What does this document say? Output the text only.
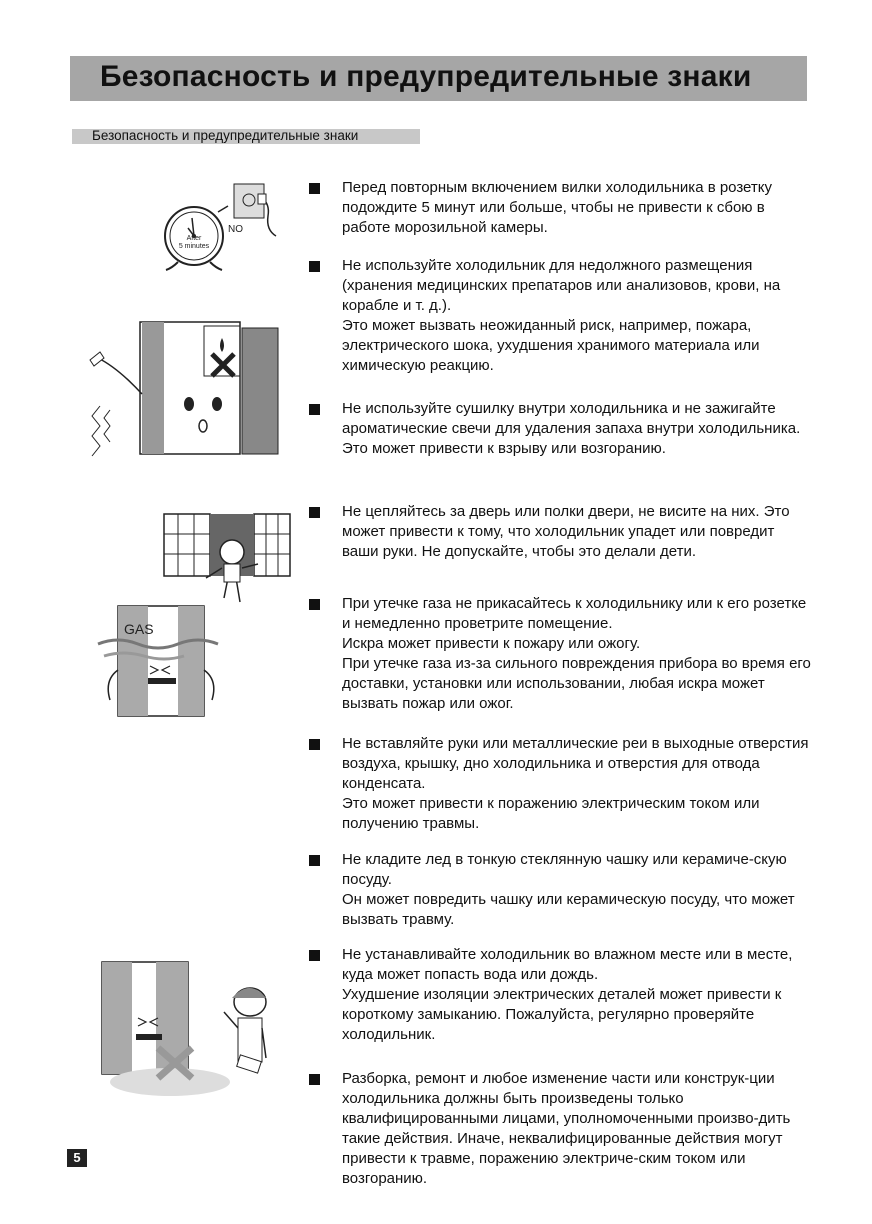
Безопасность и предупредительные знаки
Безопасность и предупредительные знаки
After
5 minutes
NO
GAS

Перед повторным включением вилки холодильника в розетку подождите 5 минут или больше, чтобы не привести к сбою в работе морозильной камеры.

Не используйте холодильник для недолжного размещения (хранения медицинских препатаров или анализовов, крови, на корабле и т. д.).

Это может вызвать неожиданный риск, например, пожара, электрического шока, ухудшения хранимого материала или химическую реакцию.

Не используйте сушилку внутри холодильника и не зажигайте ароматические свечи для удаления запаха внутри холодильника. Это может привести к взрыву или возгоранию.

Не цепляйтесь за дверь или полки двери, не висите на них. Это может привести к тому, что холодильник упадет или повредит ваши руки. Не допускайте, чтобы это делали дети.

При утечке газа не прикасайтесь к холодильнику или к его розетке и немедленно проветрите помещение.

Искра может привести к пожару или ожогу.

При утечке газа из-за сильного повреждения прибора во время его доставки, установки или использовании, любая искра может вызвать пожар или ожог.

Не вставляйте руки или металлические реи в выходные отверстия воздуха, крышку, дно холодильника и отверстия для отвода конденсата.

Это может привести к поражению электрическим током или получению травмы.

Не кладите лед в тонкую стеклянную чашку или керамиче-скую посуду.

Он может повредить чашку или керамическую посуду, что может вызвать травму.

Не устанавливайте холодильник во влажном месте или в месте, куда может попасть вода или дождь.

Ухудшение изоляции электрических деталей может привести к короткому замыканию. Пожалуйста, регулярно проверяйте холодильник.

Разборка, ремонт и любое изменение части или конструк-ции холодильника должны быть произведены только квалифицированными лицами, уполномоченными произво-дить такие действия. Иначе, неквалифицированные действия могут привести к травме, поражению электриче-ским током или возгоранию.

5
